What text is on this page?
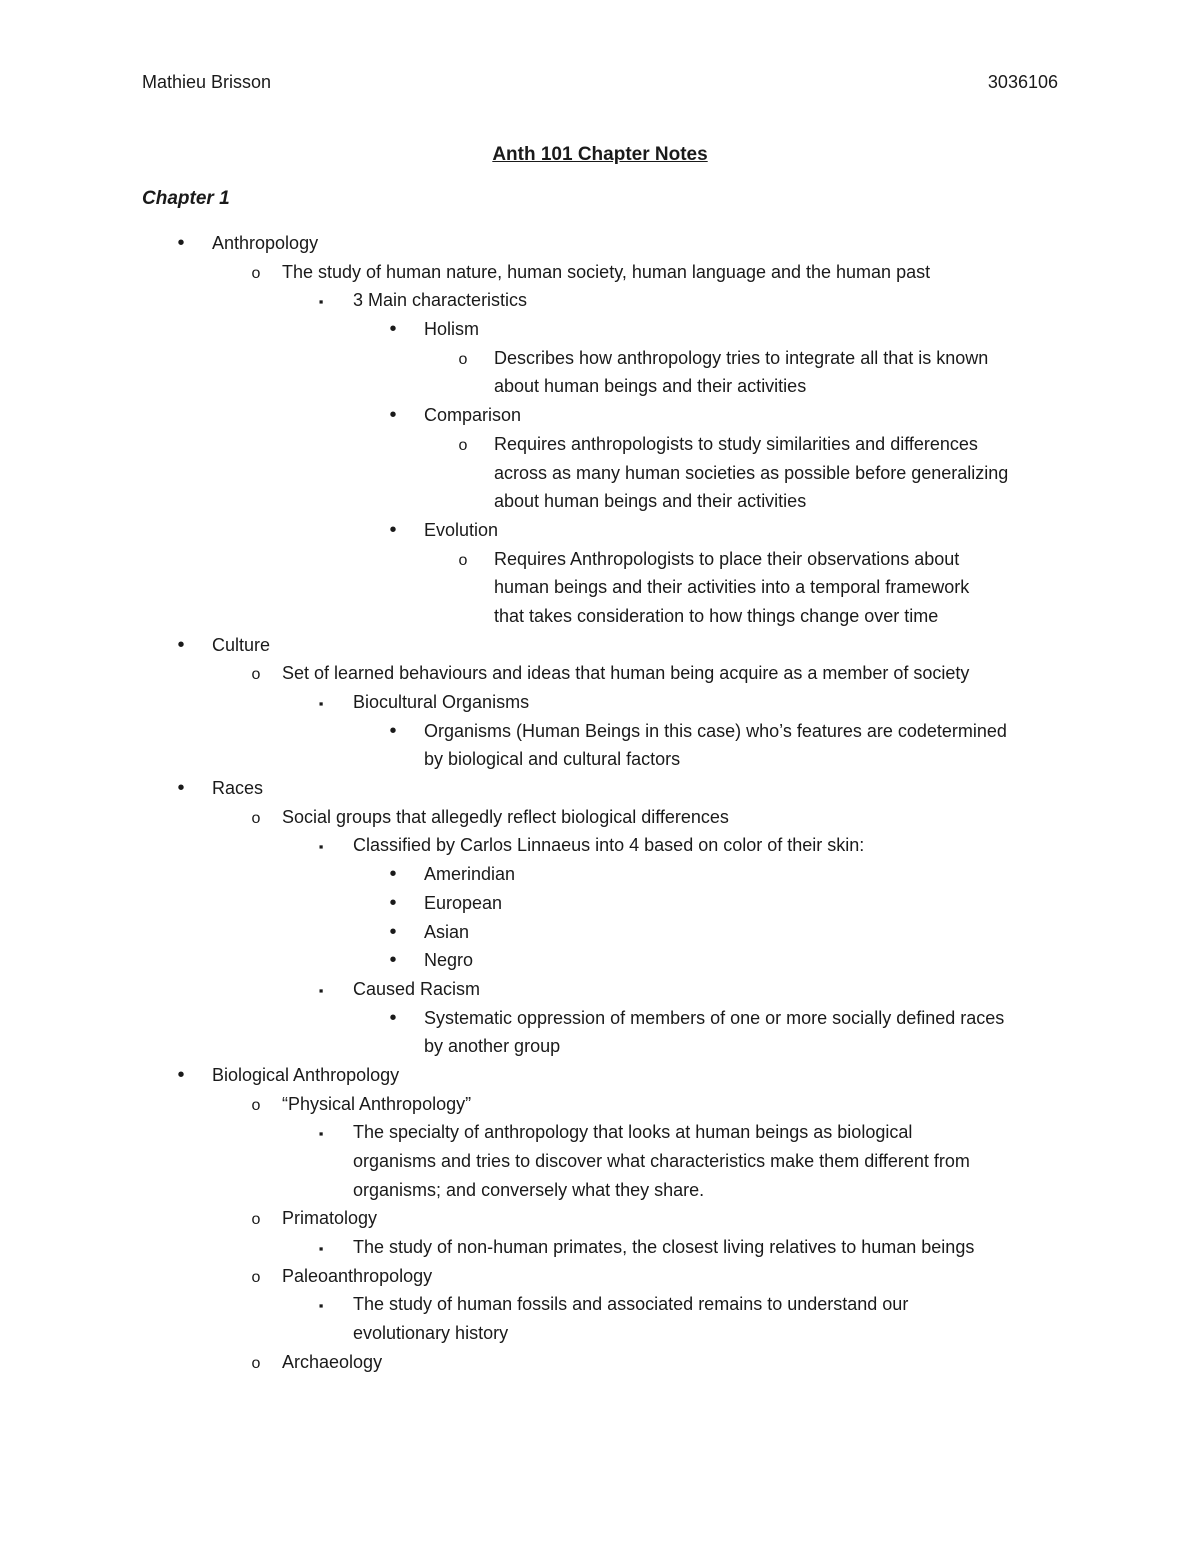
Mathieu Brisson	3036106
Anth 101 Chapter Notes
Chapter 1
•
Anthropology
o
The study of human nature, human society, human language and the human past
▪
3 Main characteristics
•
Holism
o
Describes how anthropology tries to integrate all that is known
about human beings and their activities
•
Comparison
o
Requires anthropologists to study similarities and differences
across as many human societies as possible before generalizing
about human beings and their activities
•
Evolution
o
Requires Anthropologists to place their observations about
human beings and their activities into a temporal framework
that takes consideration to how things change over time
•
Culture
o
Set of learned behaviours and ideas that human being acquire as a member of society
▪
Biocultural Organisms
•
Organisms (Human Beings in this case) who’s features are codetermined
by biological and cultural factors
•
Races
o
Social groups that allegedly reflect biological differences
▪
Classified by Carlos Linnaeus into 4 based on color of their skin:
•
Amerindian
•
European
•
Asian
•
Negro
▪
Caused Racism
•
Systematic oppression of members of one or more socially defined races
by another group
•
Biological Anthropology
o
“Physical Anthropology”
▪
The specialty of anthropology that looks at human beings as biological
organisms and tries to discover what characteristics make them different from
organisms; and conversely what they share.
o
Primatology
▪
The study of non-human primates, the closest living relatives to human beings
o
Paleoanthropology
▪
The study of human fossils and associated remains to understand our
evolutionary history
o
Archaeology
